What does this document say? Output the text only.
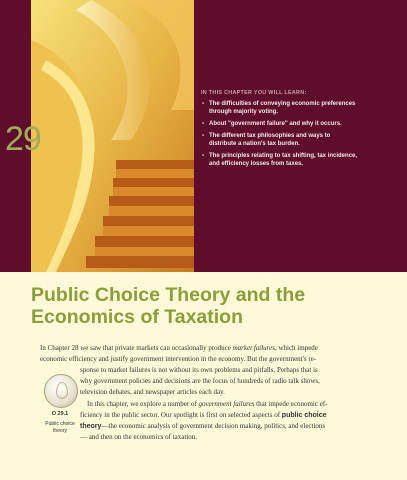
29
IN THIS CHAPTER YOU WILL LEARN:
• The difficulties of conveying economic preferences
through majority voting.
• About "government failure" and why it occurs.
• The different tax philosophies and ways to
distribute a nation's tax burden.
• The principles relating to tax shifting, tax incidence,
and efficiency losses from taxes.
Public Choice Theory and the
Economics of Taxation
In Chapter 28 we saw that private markets can occasionally produce market failures, which impede
economic efficiency and justify government intervention in the economy. But the government's re-
sponse to market failures is not without its own problems and pitfalls. Perhaps that is
why government policies and decisions are the focus of hundreds of radio talk shows,
television debates, and newspaper articles each day.
In this chapter, we explore a number of government failures that impede economic ef-
ficiency in the public sector. Our spotlight is first on selected aspects of public choice
theory—the economic analysis of government decision making, politics, and elections
— and then on the economics of taxation.
O 29.1
Public choice
theory
